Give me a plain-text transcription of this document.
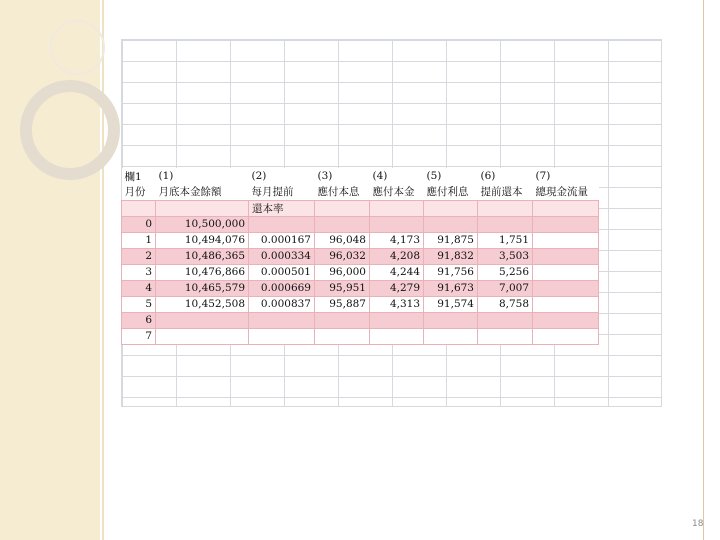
欄1	(1)	(2)	(3)	(4)	(5)	(6)	(7)
月份	月底本金餘額	每月提前	應付本息	應付本金	應付利息	提前還本	總現金流量
		還本率					
0	10,500,000						
1	10,494,076	0.000167	96,048	4,173	91,875	1,751	
2	10,486,365	0.000334	96,032	4,208	91,832	3,503	
3	10,476,866	0.000501	96,000	4,244	91,756	5,256	
4	10,465,579	0.000669	95,951	4,279	91,673	7,007	
5	10,452,508	0.000837	95,887	4,313	91,574	8,758	
6							
7							
18
